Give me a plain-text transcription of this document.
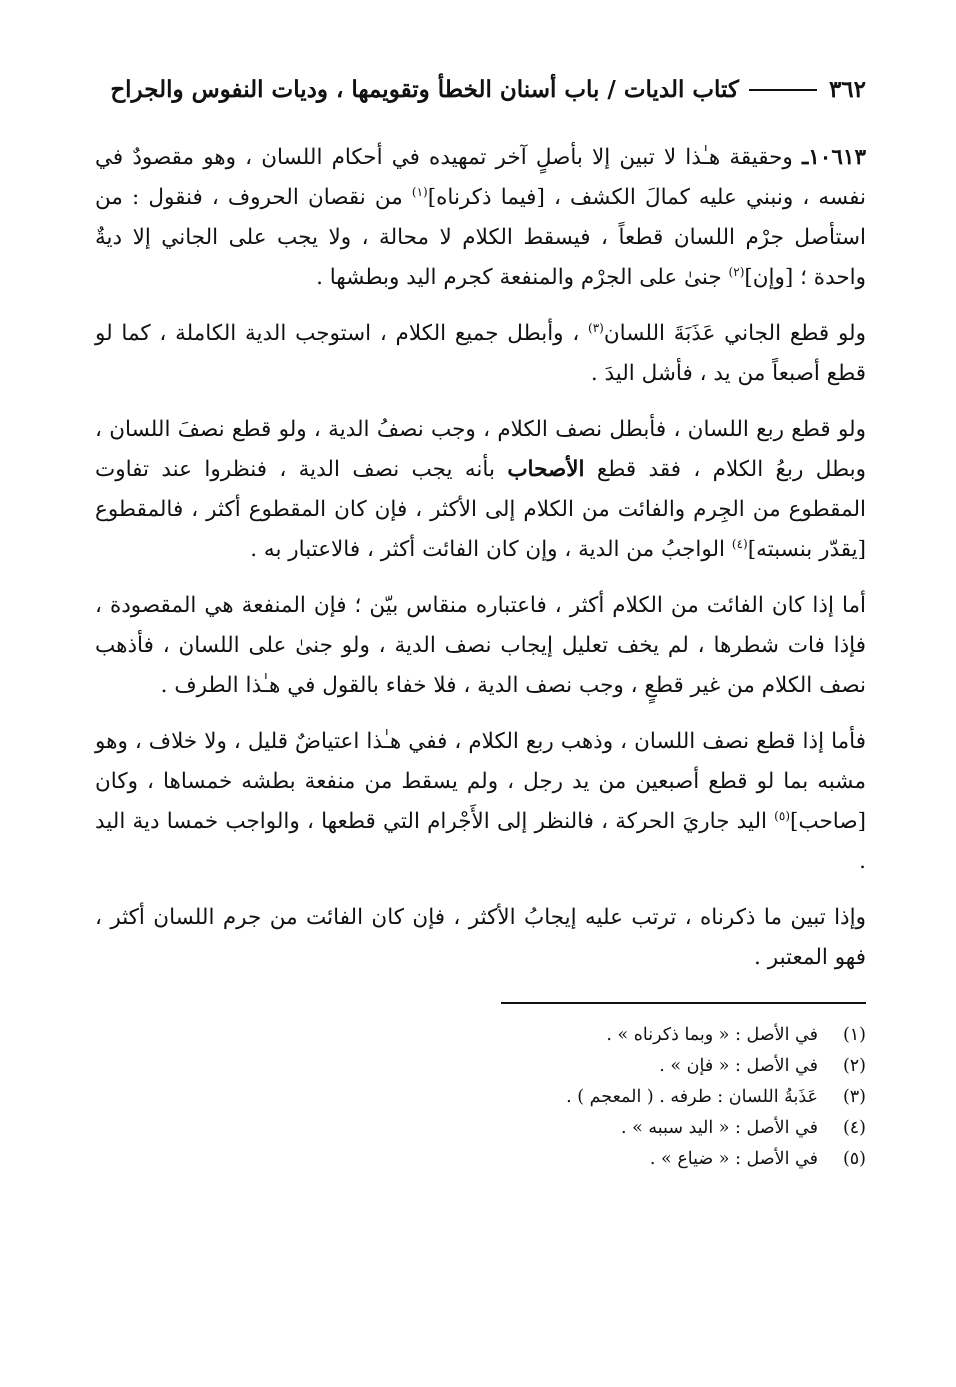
٣٦٢
كتاب الديات / باب أسنان الخطأ وتقويمها ، وديات النفوس والجراح

١٠٦١٣ـ وحقيقة هـٰذا لا تبين إلا بأصلٍ آخر تمهيده في أحكام اللسان ، وهو مقصودٌ في نفسه ، ونبني عليه كمالَ الكشف ، [فيما ذكرناه]$^{(١)}$ من نقصان الحروف ، فنقول : من استأصل جرْم اللسان قطعاً ، فيسقط الكلام لا محالة ، ولا يجب على الجاني إلا ديةٌ واحدة ؛ [وإن]$^{(٢)}$ جنىٰ على الجرْم والمنفعة كجرم اليد وبطشها .

ولو قطع الجاني عَذَبَةَ اللسان$^{(٣)}$ ، وأبطل جميع الكلام ، استوجب الدية الكاملة ، كما لو قطع أصبعاً من يد ، فأشل اليدَ .

ولو قطع ربع اللسان ، فأبطل نصف الكلام ، وجب نصفُ الدية ، ولو قطع نصفَ اللسان ، وبطل ربعُ الكلام ، فقد قطع الأصحاب بأنه يجب نصف الدية ، فنظروا عند تفاوت المقطوع من الجِرم والفائت من الكلام إلى الأكثر ، فإن كان المقطوع أكثر ، فالمقطوع [يقدّر بنسبته]$^{(٤)}$ الواجبُ من الدية ، وإن كان الفائت أكثر ، فالاعتبار به .

أما إذا كان الفائت من الكلام أكثر ، فاعتباره منقاس بيّن ؛ فإن المنفعة هي المقصودة ، فإذا فات شطرها ، لم يخف تعليل إيجاب نصف الدية ، ولو جنىٰ على اللسان ، فأذهب نصف الكلام من غير قطعٍ ، وجب نصف الدية ، فلا خفاء بالقول في هـٰذا الطرف .

فأما إذا قطع نصف اللسان ، وذهب ربع الكلام ، ففي هـٰذا اعتياضٌ قليل ، ولا خلاف ، وهو مشبه بما لو قطع أصبعين من يد رجل ، ولم يسقط من منفعة بطشه خمساها ، وكان [صاحب]$^{(٥)}$ اليد جاريَ الحركة ، فالنظر إلى الأَجْرام التي قطعها ، والواجب خمسا دية اليد .

وإذا تبين ما ذكرناه ، ترتب عليه إيجابُ الأكثر ، فإن كان الفائت من جرم اللسان أكثر ، فهو المعتبر .

(١)
في الأصل : « وبما ذكرناه » .
(٢)
في الأصل : « فإن » .
(٣)
عَذَبةُ اللسان : طرفه . ( المعجم ) .
(٤)
في الأصل : « اليد سببه » .
(٥)
في الأصل : « ضياع » .
